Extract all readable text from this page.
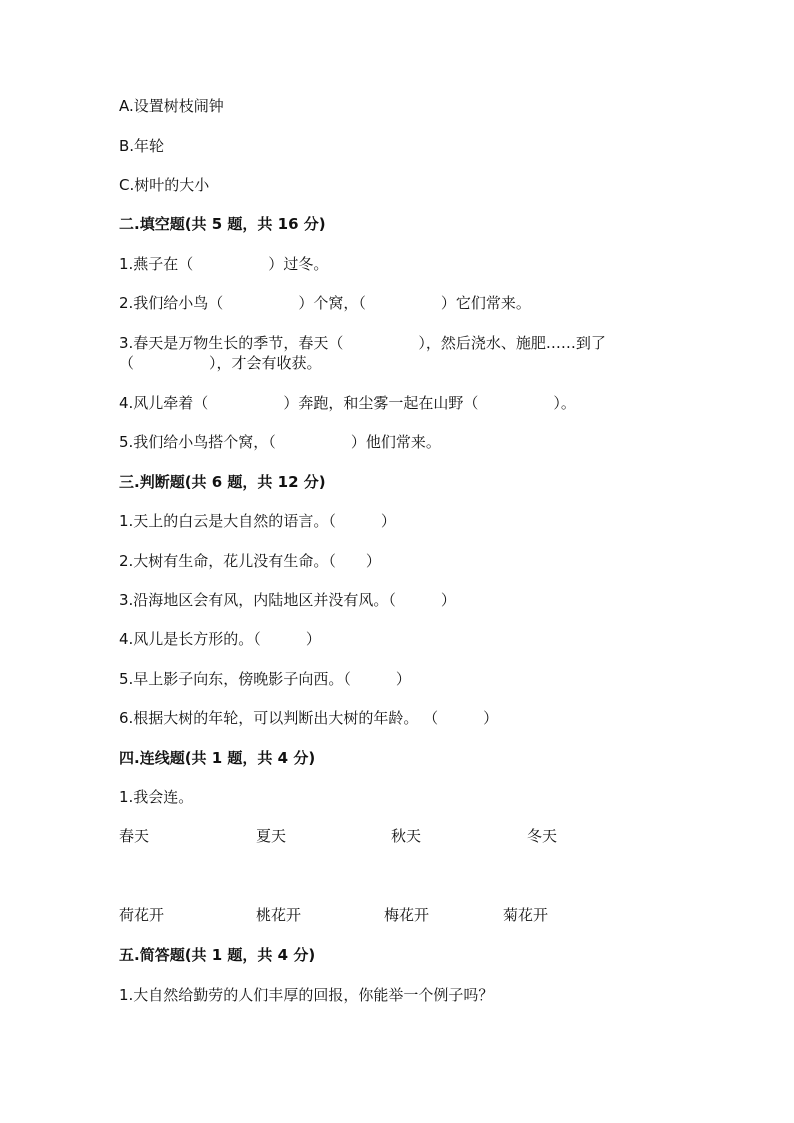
A.设置树枝闹钟

B.年轮

C.树叶的大小

二.填空题(共 5 题，共 16 分)

1.燕子在（　　　　　）过冬。

2.我们给小鸟（　　　　　）个窝，（　　　　　）它们常来。

3.春天是万物生长的季节，春天（　　　　　），然后浇水、施肥……到了

（　　　　　），才会有收获。

4.风儿牵着（　　　　　）奔跑，和尘雾一起在山野（　　　　　）。

5.我们给小鸟搭个窝，（　　　　　）他们常来。

三.判断题(共 6 题，共 12 分)

1.天上的白云是大自然的语言。（　　　）

2.大树有生命，花儿没有生命。（　　）

3.沿海地区会有风，内陆地区并没有风。（　　　）

4.风儿是长方形的。（　　　）

5.早上影子向东，傍晚影子向西。（　　　）

6.根据大树的年轮，可以判断出大树的年龄。 （　　　）

四.连线题(共 1 题，共 4 分)

1.我会连。

春天	夏天	秋天	冬天
荷花开	桃花开	梅花开	菊花开

五.简答题(共 1 题，共 4 分)

1.大自然给勤劳的人们丰厚的回报，你能举一个例子吗？
